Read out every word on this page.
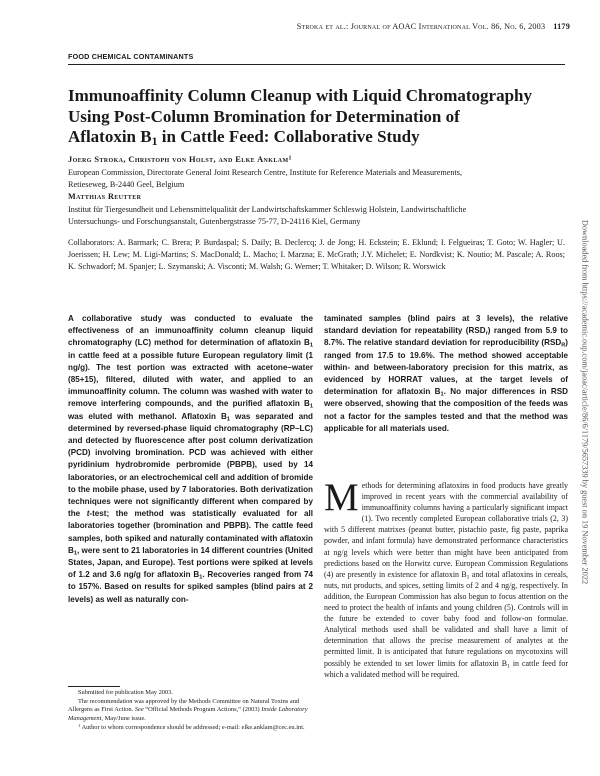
Stroka et al.: Journal of AOAC International Vol. 86, No. 6, 2003 1179
FOOD CHEMICAL CONTAMINANTS
Immunoaffinity Column Cleanup with Liquid Chromatography
Using Post-Column Bromination for Determination of
Aflatoxin $B_1$ in Cattle Feed: Collaborative Study
Joerg Stroka, Christoph von Holst, and Elke Anklam$^1$
European Commission, Directorate General Joint Research Centre, Institute for Reference Materials and Measurements,
Retieseweg, B-2440 Geel, Belgium
Matthias Reutter
Institut für Tiergesundheit und Lebensmittelqualität der Landwirtschaftskammer Schleswig Holstein, Landwirtschaftliche
Untersuchungs- und Forschungsanstalt, Gutenbergstrasse 75-77, D-24116 Kiel, Germany
Collaborators: A. Barmark; C. Brera; P. Burdaspal; S. Daily; B. Declercq; J. de Jong; H. Eckstein; E. Eklund; I. Felgueiras; T. Goto; W. Hagler; U. Joerissen; H. Lew; M. Ligi-Martins; S. MacDonald; L. Macho; I. Marzna; E. McGrath; J.Y. Michelet; E. Nordkvist; K. Noutio; M. Pascale; A. Roos; K. Schwadorf; M. Spanjer; L. Szymanski; A. Visconti; M. Walsh; G. Werner; T. Whitaker; D. Wilson; R. Worswick
A collaborative study was conducted to evaluate the effectiveness of an immunoaffinity column cleanup liquid chromatography (LC) method for determination of aflatoxin $B_1$ in cattle feed at a possible future European regulatory limit (1 ng/g). The test portion was extracted with acetone–water (85+15), filtered, diluted with water, and applied to an immunoaffinity column. The column was washed with water to remove interfering compounds, and the purified aflatoxin $B_1$ was eluted with methanol. Aflatoxin $B_1$ was separated and determined by reversed-phase liquid chromatography (RP–LC) and detected by fluorescence after post column derivatization (PCD) involving bromination. PCD was achieved with either pyridinium hydrobromide perbromide (PBPB), used by 14 laboratories, or an electrochemical cell and addition of bromide to the mobile phase, used by 7 laboratories. Both derivatization techniques were not significantly different when compared by the t-test; the method was statistically evaluated for all laboratories together (bromination and PBPB). The cattle feed samples, both spiked and naturally contaminated with aflatoxin $B_1$, were sent to 21 laboratories in 14 different countries (United States, Japan, and Europe). Test portions were spiked at levels of 1.2 and 3.6 ng/g for aflatoxin $B_1$. Recoveries ranged from 74 to 157%. Based on results for spiked samples (blind pairs at 2 levels) as well as naturally con-
taminated samples (blind pairs at 3 levels), the relative standard deviation for repeatability $(RSD_r)$ ranged from 5.9 to 8.7%. The relative standard deviation for reproducibility $(RSD_R)$ ranged from 17.5 to 19.6%. The method showed acceptable within- and between-laboratory precision for this matrix, as evidenced by HORRAT values, at the target levels of determination for aflatoxin $B_1$. No major differences in RSD were observed, showing that the composition of the feeds was not a factor for the samples tested and that the method was applicable for all materials used.
Methods for determining aflatoxins in food products have greatly improved in recent years with the commercial availability of immunoaffinity columns having a particularly significant impact (1). Two recently completed European collaborative trials (2, 3) with 5 different matrixes (peanut butter, pistachio paste, fig paste, paprika powder, and infant formula) have demonstrated performance characteristics at ng/g levels which were better than might have been anticipated from predictions based on the Horwitz curve. European Commission Regulations (4) are presently in existence for aflatoxin $B_1$ and total aflatoxins in cereals, nuts, nut products, and spices, setting limits of 2 and 4 ng/g, respectively. In addition, the European Commission has also begun to focus attention on the need to protect the health of infants and young children (5). Controls will in the future be extended to cover baby food and follow-on formulae. Analytical methods used shall be validated and shall have a limit of determination that allows the precise measurement of analytes at the permitted limit. It is anticipated that future regulations on mycotoxins will possibly be extended to set lower limits for aflatoxin $B_1$ in cattle feed for which a validated method will be required.

Submitted for publication May 2003.

The recommendation was approved by the Methods Committee on Natural Toxins and Allergens as First Action. See “Official Methods Program Actions,” (2003) Inside Laboratory Management, May/June issue.

$^1$ Author to whom correspondence should be addressed; e-mail: elke.anklam@cec.eu.int.

Downloaded from https://academic.oup.com/jaoac/article/86/6/1179/5657339 by guest on 19 November 2022
